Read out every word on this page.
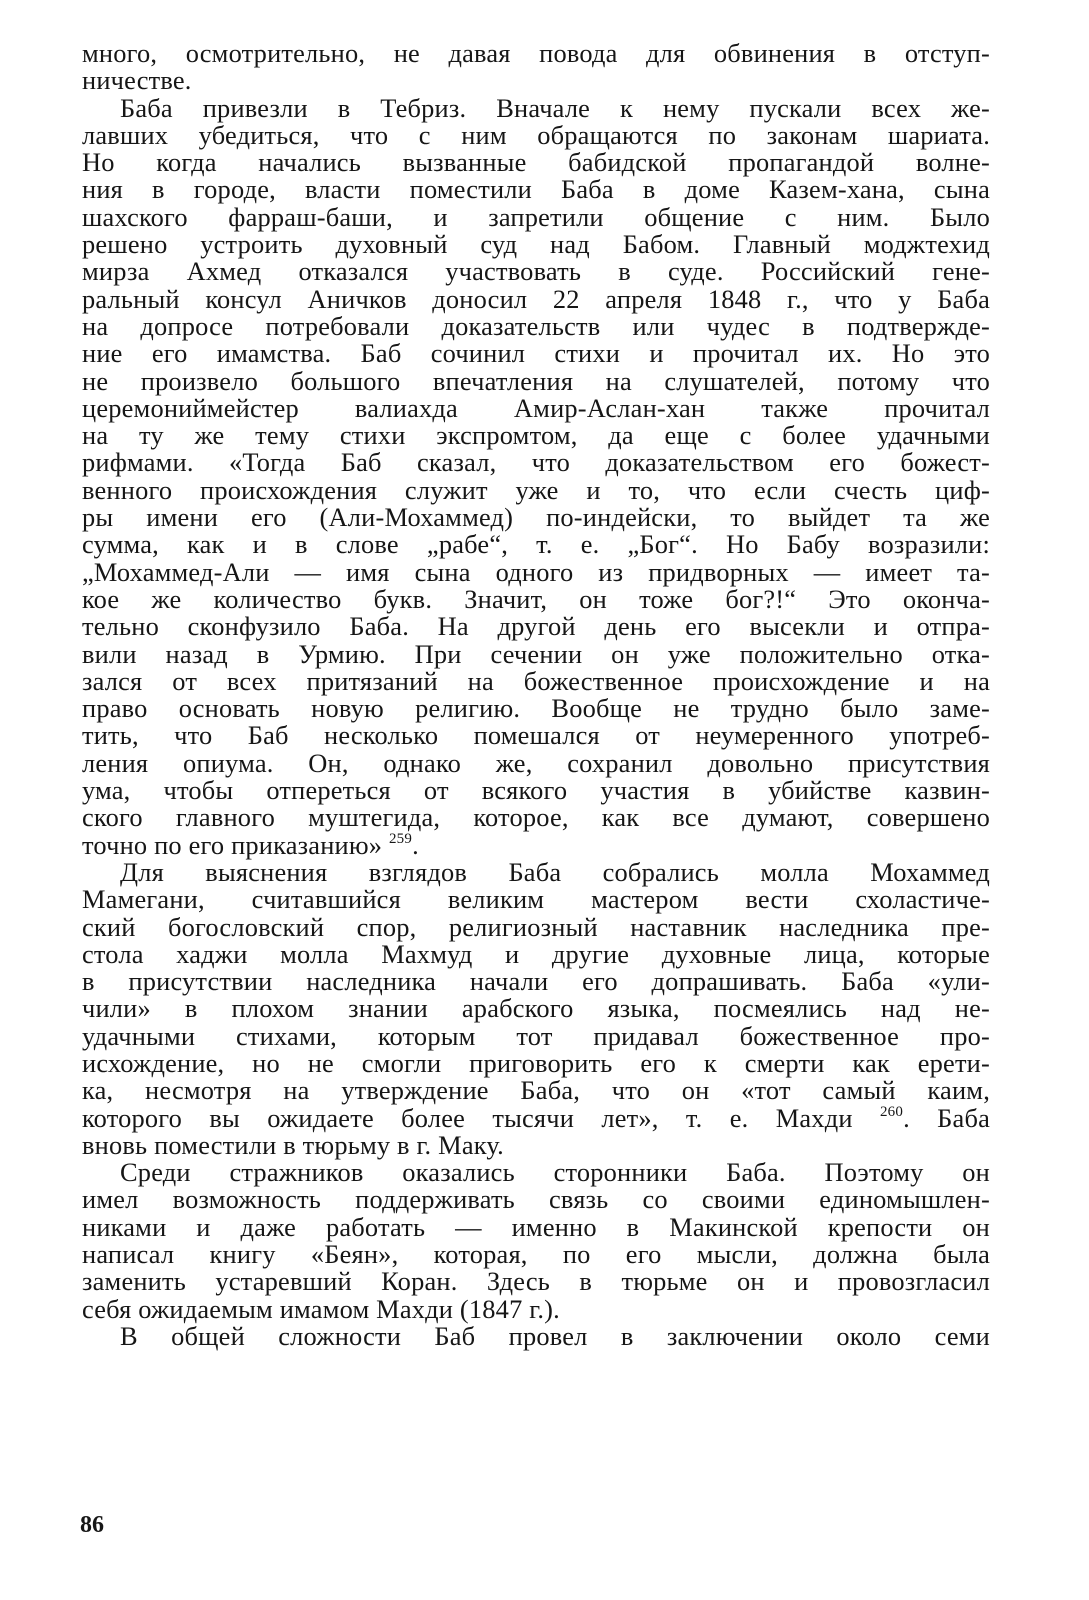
много, осмотрительно, не давая повода для обвинения в отступ-
ничестве.

Баба привезли в Тебриз. Вначале к нему пускали всех же-
лавших убедиться, что с ним обращаются по законам шариата.
Но когда начались вызванные бабидской пропагандой волне-
ния в городе, власти поместили Баба в доме Казем-хана, сына
шахского фарраш-баши, и запретили общение с ним. Было
решено устроить духовный суд над Бабом. Главный моджтехид
мирза Ахмед отказался участвовать в суде. Российский гене-
ральный консул Аничков доносил 22 апреля 1848 г., что у Баба
на допросе потребовали доказательств или чудес в подтвержде-
ние его имамства. Баб сочинил стихи и прочитал их. Но это
не произвело большого впечатления на слушателей, потому что
церемониймейстер валиахда Амир-Аслан-хан также прочитал
на ту же тему стихи экспромтом, да еще с более удачными
рифмами. «Тогда Баб сказал, что доказательством его божест-
венного происхождения служит уже и то, что если счесть циф-
ры имени его (Али-Мохаммед) по-индейски, то выйдет та же
сумма, как и в слове „рабе“, т. е. „Бог“. Но Бабу возразили:
„Мохаммед-Али — имя сына одного из придворных — имеет та-
кое же количество букв. Значит, он тоже бог?!“ Это оконча-
тельно сконфузило Баба. На другой день его высекли и отпра-
вили назад в Урмию. При сечении он уже положительно отка-
зался от всех притязаний на божественное происхождение и на
право основать новую религию. Вообще не трудно было заме-
тить, что Баб несколько помешался от неумеренного употреб-
ления опиума. Он, однако же, сохранил довольно присутствия
ума, чтобы отпереться от всякого участия в убийстве казвин-
ского главного муштегида, которое, как все думают, совершено
точно по его приказанию» $^{259}$.

Для выяснения взглядов Баба собрались молла Мохаммед
Мамегани, считавшийся великим мастером вести схоластиче-
ский богословский спор, религиозный наставник наследника пре-
стола хаджи молла Махмуд и другие духовные лица, которые
в присутствии наследника начали его допрашивать. Баба «ули-
чили» в плохом знании арабского языка, посмеялись над не-
удачными стихами, которым тот придавал божественное про-
исхождение, но не смогли приговорить его к смерти как ерети-
ка, несмотря на утверждение Баба, что он «тот самый каим,
которого вы ожидаете более тысячи лет», т. е. Махди $^{260}$. Баба
вновь поместили в тюрьму в г. Маку.

Среди стражников оказались сторонники Баба. Поэтому он
имел возможность поддерживать связь со своими единомышлен-
никами и даже работать — именно в Макинской крепости он
написал книгу «Беян», которая, по его мысли, должна была
заменить устаревший Коран. Здесь в тюрьме он и провозгласил
себя ожидаемым имамом Махди (1847 г.).

В общей сложности Баб провел в заключении около семи

86
